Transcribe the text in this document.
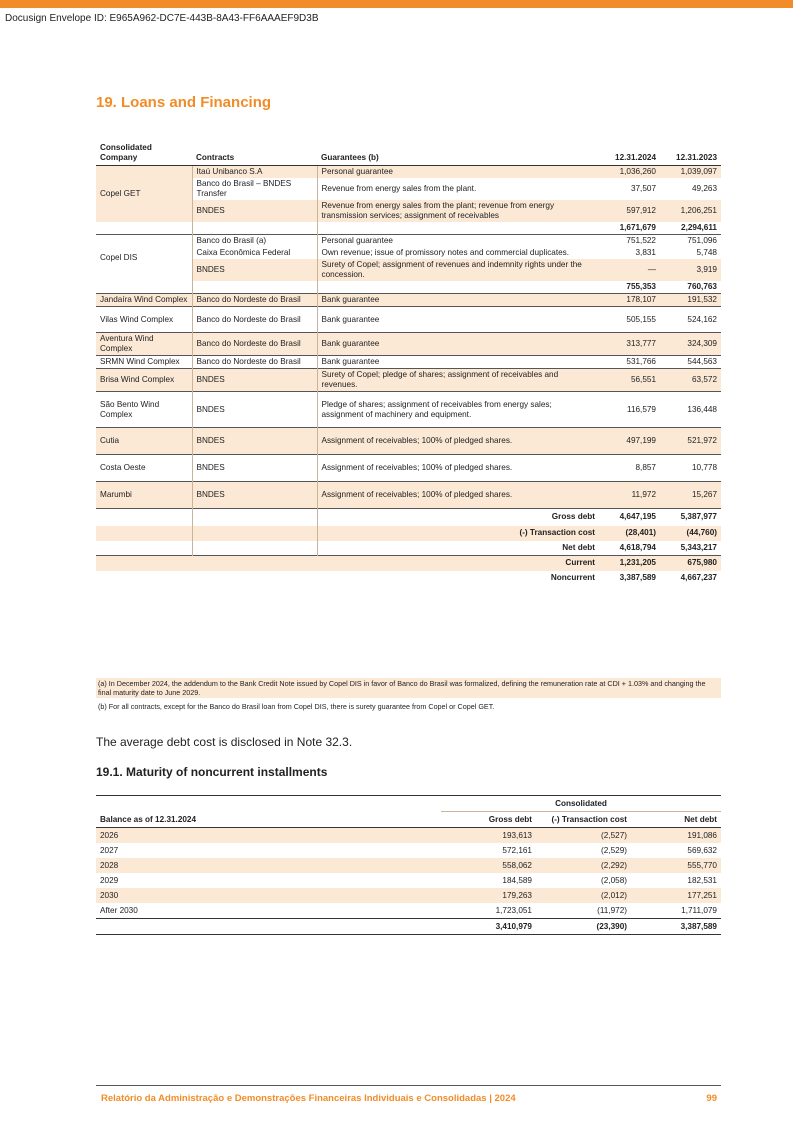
Docusign Envelope ID: E965A962-DC7E-443B-8A43-FF6AAAEF9D3B
19. Loans and Financing
Consolidated Company	Contracts	Guarantees (b)	12.31.2024	12.31.2023
Copel GET	Itaú Unibanco S.A	Personal guarantee	1,036,260	1,039,097
	Banco do Brasil – BNDES Transfer	Revenue from energy sales from the plant.	37,507	49,263
	BNDES	Revenue from energy sales from the plant; revenue from energy transmission services; assignment of receivables	597,912	1,206,251
			1,671,679	2,294,611
Copel DIS	Banco do Brasil (a)	Personal guarantee	751,522	751,096
	Caixa Econômica Federal	Own revenue; issue of promissory notes and commercial duplicates.	3,831	5,748
	BNDES	Surety of Copel; assignment of revenues and indemnity rights under the concession.	—	3,919
			755,353	760,763
Jandaíra Wind Complex	Banco do Nordeste do Brasil	Bank guarantee	178,107	191,532
Vilas Wind Complex	Banco do Nordeste do Brasil	Bank guarantee	505,155	524,162
Aventura Wind Complex	Banco do Nordeste do Brasil	Bank guarantee	313,777	324,309
SRMN Wind Complex	Banco do Nordeste do Brasil	Bank guarantee	531,766	544,563
Brisa Wind Complex	BNDES	Surety of Copel; pledge of shares; assignment of receivables and revenues.	56,551	63,572
São Bento Wind Complex	BNDES	Pledge of shares; assignment of receivables from energy sales; assignment of machinery and equipment.	116,579	136,448
Cutia	BNDES	Assignment of receivables; 100% of pledged shares.	497,199	521,972
Costa Oeste	BNDES	Assignment of receivables; 100% of pledged shares.	8,857	10,778
Marumbi	BNDES	Assignment of receivables; 100% of pledged shares.	11,972	15,267
		Gross debt	4,647,195	5,387,977
		(-) Transaction cost	(28,401)	(44,760)
		Net debt	4,618,794	5,343,217
Current			1,231,205	675,980
Noncurrent			3,387,589	4,667,237
(a) In December 2024, the addendum to the Bank Credit Note issued by Copel DIS in favor of Banco do Brasil was formalized, defining the remuneration rate at CDI + 1.03% and changing the final maturity date to June 2029.
(b) For all contracts, except for the Banco do Brasil loan from Copel DIS, there is surety guarantee from Copel or Copel GET.
The average debt cost is disclosed in Note 32.3.
19.1. Maturity of noncurrent installments
	Consolidated		
Balance as of 12.31.2024	Gross debt	(-) Transaction cost	Net debt
2026	193,613	(2,527)	191,086
2027	572,161	(2,529)	569,632
2028	558,062	(2,292)	555,770
2029	184,589	(2,058)	182,531
2030	179,263	(2,012)	177,251
After 2030	1,723,051	(11,972)	1,711,079
	3,410,979	(23,390)	3,387,589
Relatório da Administração e Demonstrações Financeiras Individuais e Consolidadas | 2024	99
